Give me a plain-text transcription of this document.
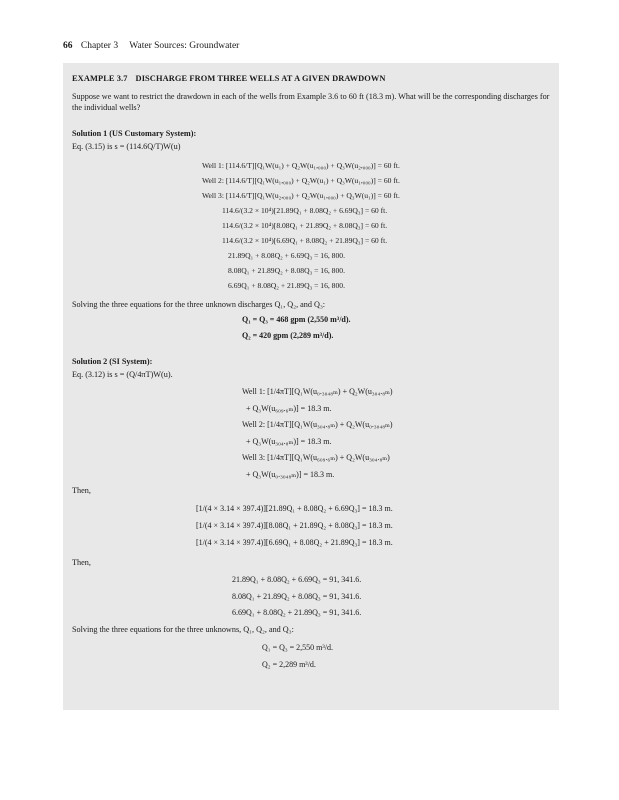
66 Chapter 3 Water Sources: Groundwater
EXAMPLE 3.7 DISCHARGE FROM THREE WELLS AT A GIVEN DRAWDOWN
Suppose we want to restrict the drawdown in each of the wells from Example 3.6 to 60 ft (18.3 m). What will be the corresponding discharges for the individual wells?
Solution 1 (US Customary System):
Eq. (3.15) is s = (114.6Q/T)W(u)
Well 1: [114.6/T][Q₁W(u₁) + Q₂W(u₁,₀₀₀) + Q₃W(u₂,₀₀₀)] = 60 ft.
Well 2: [114.6/T][Q₁W(u₁,₀₀₀) + Q₂W(u₁) + Q₃W(u₁,₀₀₀)] = 60 ft.
Well 3: [114.6/T][Q₁W(u₂,₀₀₀) + Q₂W(u₁,₀₀₀) + Q₃W(u₁)] = 60 ft.
114.6/(3.2 × 10⁴)[21.89Q₁ + 8.08Q₂ + 6.69Q₃] = 60 ft.
114.6/(3.2 × 10⁴)[8.08Q₁ + 21.89Q₂ + 8.08Q₃] = 60 ft.
114.6/(3.2 × 10⁴)[6.69Q₁ + 8.08Q₂ + 21.89Q₃] = 60 ft.
21.89Q₁ + 8.08Q₂ + 6.69Q₃ = 16, 800.
8.08Q₁ + 21.89Q₂ + 8.08Q₃ = 16, 800.
6.69Q₁ + 8.08Q₂ + 21.89Q₃ = 16, 800.
Solving the three equations for the three unknown discharges Q₁, Q₂, and Q₃:
Q₁ = Q₃ = 468 gpm (2,550 m³/d).
Q₂ = 420 gpm (2,289 m³/d).
Solution 2 (SI System):
Eq. (3.12) is s = (Q/4πT)W(u).
Well 1: [1/4πT][Q₁W(u₀.₃₀₄₈ₘ) + Q₂W(u₃₀₄.₈ₘ)
+ Q₃W(u₆₀₉.₆ₘ)] = 18.3 m.
Well 2: [1/4πT][Q₁W(u₃₀₄.₈ₘ) + Q₂W(u₀.₃₀₄₈ₘ)
+ Q₃W(u₃₀₄.₈ₘ)] = 18.3 m.
Well 3: [1/4πT][Q₁W(u₆₀₉.₆ₘ) + Q₂W(u₃₀₄.₈ₘ)
+ Q₃W(u₀.₃₀₄₈ₘ)] = 18.3 m.
Then,
[1/(4 × 3.14 × 397.4)][21.89Q₁ + 8.08Q₂ + 6.69Q₃] = 18.3 m.
[1/(4 × 3.14 × 397.4)][8.08Q₁ + 21.89Q₂ + 8.08Q₃] = 18.3 m.
[1/(4 × 3.14 × 397.4)][6.69Q₁ + 8.08Q₂ + 21.89Q₃] = 18.3 m.
Then,
21.89Q₁ + 8.08Q₂ + 6.69Q₃ = 91, 341.6.
8.08Q₁ + 21.89Q₂ + 8.08Q₃ = 91, 341.6.
6.69Q₁ + 8.08Q₂ + 21.89Q₃ = 91, 341.6.
Solving the three equations for the three unknowns, Q₁, Q₂, and Q₃:
Q₁ = Q₃ = 2,550 m³/d.
Q₂ = 2,289 m³/d.
